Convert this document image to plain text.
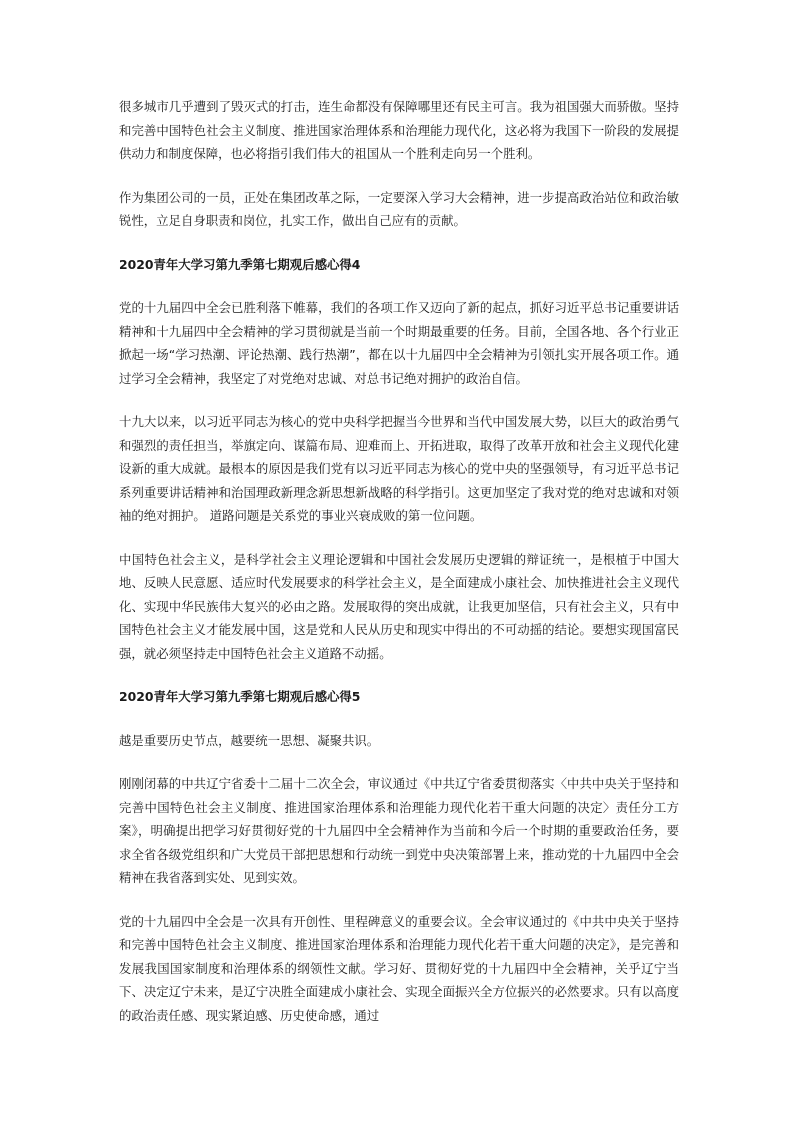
很多城市几乎遭到了毁灭式的打击，连生命都没有保障哪里还有民主可言。我为祖国强大而骄傲。坚持和完善中国特色社会主义制度、推进国家治理体系和治理能力现代化，这必将为我国下一阶段的发展提供动力和制度保障，也必将指引我们伟大的祖国从一个胜利走向另一个胜利。

作为集团公司的一员，正处在集团改革之际，一定要深入学习大会精神，进一步提高政治站位和政治敏锐性，立足自身职责和岗位，扎实工作，做出自己应有的贡献。

2020青年大学习第九季第七期观后感心得4

党的十九届四中全会已胜利落下帷幕，我们的各项工作又迈向了新的起点，抓好习近平总书记重要讲话精神和十九届四中全会精神的学习贯彻就是当前一个时期最重要的任务。目前，全国各地、各个行业正掀起一场“学习热潮、评论热潮、践行热潮”，都在以十九届四中全会精神为引领扎实开展各项工作。通过学习全会精神，我坚定了对党绝对忠诚、对总书记绝对拥护的政治自信。

十九大以来，以习近平同志为核心的党中央科学把握当今世界和当代中国发展大势，以巨大的政治勇气和强烈的责任担当，举旗定向、谋篇布局、迎难而上、开拓进取，取得了改革开放和社会主义现代化建设新的重大成就。最根本的原因是我们党有以习近平同志为核心的党中央的坚强领导，有习近平总书记系列重要讲话精神和治国理政新理念新思想新战略的科学指引。这更加坚定了我对党的绝对忠诚和对领袖的绝对拥护。 道路问题是关系党的事业兴衰成败的第一位问题。

中国特色社会主义，是科学社会主义理论逻辑和中国社会发展历史逻辑的辩证统一，是根植于中国大地、反映人民意愿、适应时代发展要求的科学社会主义，是全面建成小康社会、加快推进社会主义现代化、实现中华民族伟大复兴的必由之路。发展取得的突出成就，让我更加坚信，只有社会主义，只有中国特色社会主义才能发展中国，这是党和人民从历史和现实中得出的不可动摇的结论。要想实现国富民强，就必须坚持走中国特色社会主义道路不动摇。

2020青年大学习第九季第七期观后感心得5

越是重要历史节点，越要统一思想、凝聚共识。

刚刚闭幕的中共辽宁省委十二届十二次全会，审议通过《中共辽宁省委贯彻落实〈中共中央关于坚持和完善中国特色社会主义制度、推进国家治理体系和治理能力现代化若干重大问题的决定〉责任分工方案》，明确提出把学习好贯彻好党的十九届四中全会精神作为当前和今后一个时期的重要政治任务，要求全省各级党组织和广大党员干部把思想和行动统一到党中央决策部署上来，推动党的十九届四中全会精神在我省落到实处、见到实效。

党的十九届四中全会是一次具有开创性、里程碑意义的重要会议。全会审议通过的《中共中央关于坚持和完善中国特色社会主义制度、推进国家治理体系和治理能力现代化若干重大问题的决定》，是完善和发展我国国家制度和治理体系的纲领性文献。学习好、贯彻好党的十九届四中全会精神，关乎辽宁当下、决定辽宁未来，是辽宁决胜全面建成小康社会、实现全面振兴全方位振兴的必然要求。只有以高度的政治责任感、现实紧迫感、历史使命感，通过
